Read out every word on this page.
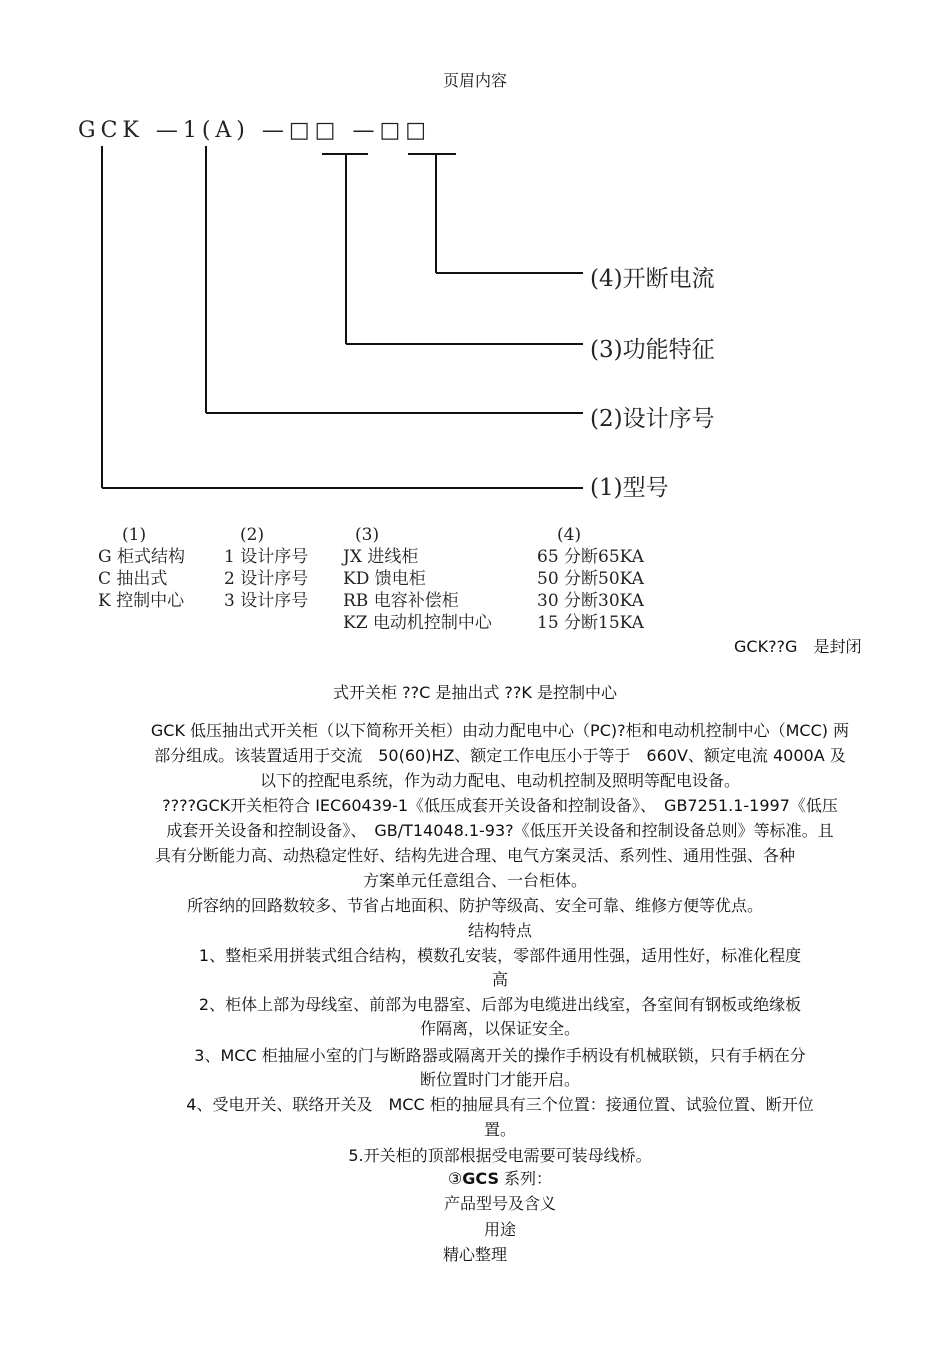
页眉内容
GCK —1(A) —□□ —□□
(4)开断电流
(3)功能特征
(2)设计序号
(1)型号
(1)
G 柜式结构
C 抽出式
K 控制中心
(2)
1 设计序号
2 设计序号
3 设计序号
(3)
JX 进线柜
KD 馈电柜
RB 电容补偿柜
KZ 电动机控制中心
(4)
65 分断65KA
50 分断50KA
30 分断30KA
15 分断15KA
GCK??G　是封闭
式开关柜 ??C 是抽出式 ??K 是控制中心
GCK 低压抽出式开关柜（以下简称开关柜）由动力配电中心（PC)?柜和电动机控制中心（MCC) 两
部分组成。该装置适用于交流　50(60)HZ、额定工作电压小于等于　660V、额定电流 4000A 及
以下的控配电系统，作为动力配电、电动机控制及照明等配电设备。
????GCK开关柜符合 IEC60439-1《低压成套开关设备和控制设备》、　GB7251.1-1997《低压
成套开关设备和控制设备》、　GB/T14048.1-93?《低压开关设备和控制设备总则》等标准。且
具有分断能力高、动热稳定性好、结构先进合理、电气方案灵活、系列性、通用性强、各种
方案单元任意组合、一台柜体。
所容纳的回路数较多、节省占地面积、防护等级高、安全可靠、维修方便等优点。
结构特点
1、整柜采用拼装式组合结构，模数孔安装，零部件通用性强，适用性好，标准化程度
高
2、柜体上部为母线室、前部为电器室、后部为电缆进出线室，各室间有钢板或绝缘板
作隔离，以保证安全。
3、MCC 柜抽屉小室的门与断路器或隔离开关的操作手柄设有机械联锁，只有手柄在分
断位置时门才能开启。
4、受电开关、联络开关及　MCC 柜的抽屉具有三个位置：接通位置、试验位置、断开位
置。
5.开关柜的顶部根据受电需要可装母线桥。
③GCS 系列：
产品型号及含义
用途
精心整理
